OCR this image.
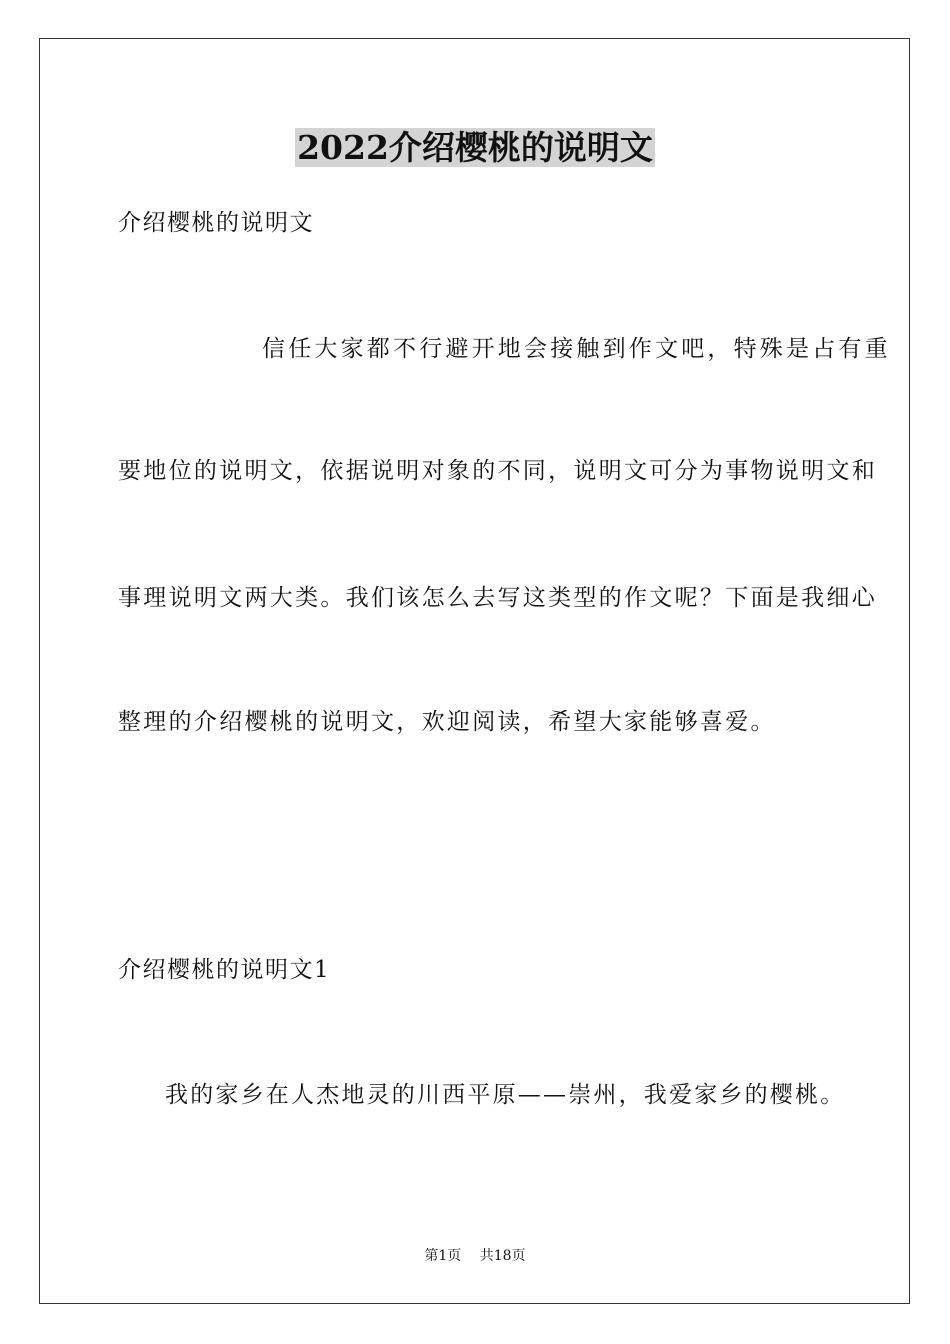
2022介绍樱桃的说明文
介绍樱桃的说明文
信任大家都不行避开地会接触到作文吧，特殊是占有重
要地位的说明文，依据说明对象的不同，说明文可分为事物说明文和
事理说明文两大类。我们该怎么去写这类型的作文呢？下面是我细心
整理的介绍樱桃的说明文，欢迎阅读，希望大家能够喜爱。
介绍樱桃的说明文1
我的家乡在人杰地灵的川西平原——崇州，我爱家乡的樱桃。
第1页 共18页
